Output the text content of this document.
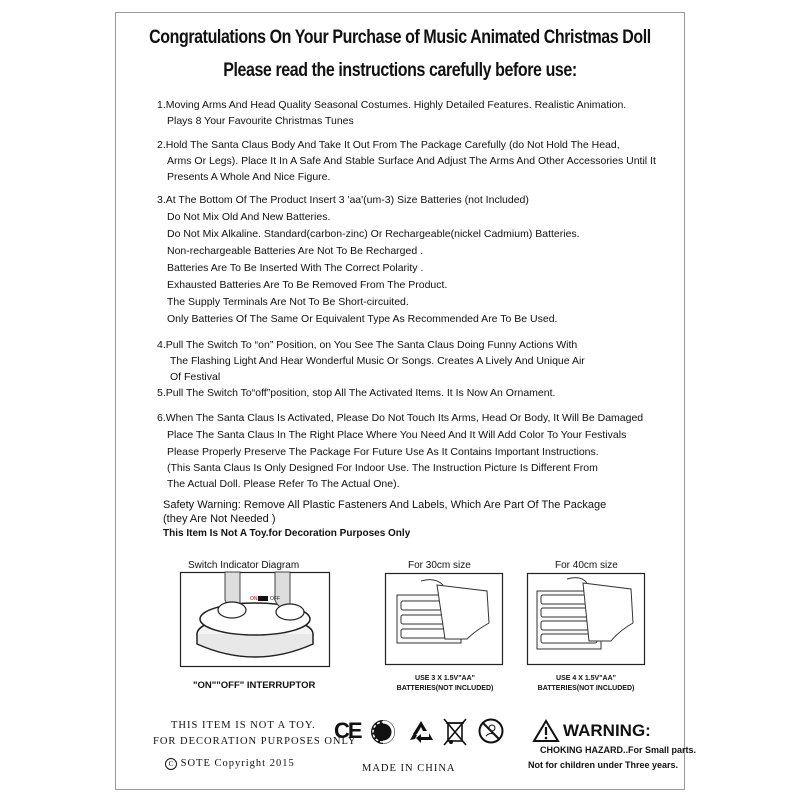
Congratulations On Your Purchase of Music Animated Christmas Doll
Please read the instructions carefully before use:
1.Moving Arms And Head Quality Seasonal Costumes. Highly Detailed Features. Realistic Animation.
Plays 8 Your Favourite Christmas Tunes
2.Hold The Santa Claus Body And Take It Out From The Package Carefully (do Not Hold The Head,
Arms Or Legs). Place It In A Safe And Stable Surface And Adjust The Arms And Other Accessories Until It
Presents A Whole And Nice Figure.
3.At The Bottom Of The Product Insert 3 'aa'(um-3) Size Batteries (not Included)
Do Not Mix Old And New Batteries.
Do Not Mix Alkaline. Standard(carbon-zinc) Or Rechargeable(nickel Cadmium) Batteries.
Non-rechargeable Batteries Are Not To Be Recharged .
Batteries Are To Be Inserted With The Correct Polarity .
Exhausted Batteries Are To Be Removed From The Product.
The Supply Terminals Are Not To Be Short-circuited.
Only Batteries Of The Same Or Equivalent Type As Recommended Are To Be Used.
4.Pull The Switch To “on” Position, on You See The Santa Claus Doing Funny Actions With
The Flashing Light And Hear Wonderful Music Or Songs. Creates A Lively And Unique Air
Of Festival
5.Pull The Switch To“off”position, stop All The Activated Items. It Is Now An Ornament.
6.When The Santa Claus Is Activated, Please Do Not Touch Its Arms, Head Or Body, It Will Be Damaged
Place The Santa Claus In The Right Place Where You Need And It Will Add Color To Your Festivals
Please Properly Preserve The Package For Future Use As It Contains Important Instructions.
(This Santa Claus Is Only Designed For Indoor Use. The Instruction Picture Is Different From
The Actual Doll. Please Refer To The Actual One).
Safety Warning: Remove All Plastic Fasteners And Labels, Which Are Part Of The Package
(they Are Not Needed )
This Item Is Not A Toy.for Decoration Purposes Only
Switch Indicator Diagram
ON	OFF
"ON""OFF" INTERRUPTOR
For 30cm size
USE 3 X 1.5V"AA"
BATTERIES(NOT INCLUDED)
For 40cm size
USE 4 X 1.5V"AA"
BATTERIES(NOT INCLUDED)
THIS ITEM IS NOT A TOY.
FOR DECORATION PURPOSES ONLY
C SOTE Copyright 2015	MADE IN CHINA
CE	WARNING:
CHOKING HAZARD..For Small parts.
Not for children under Three years.
